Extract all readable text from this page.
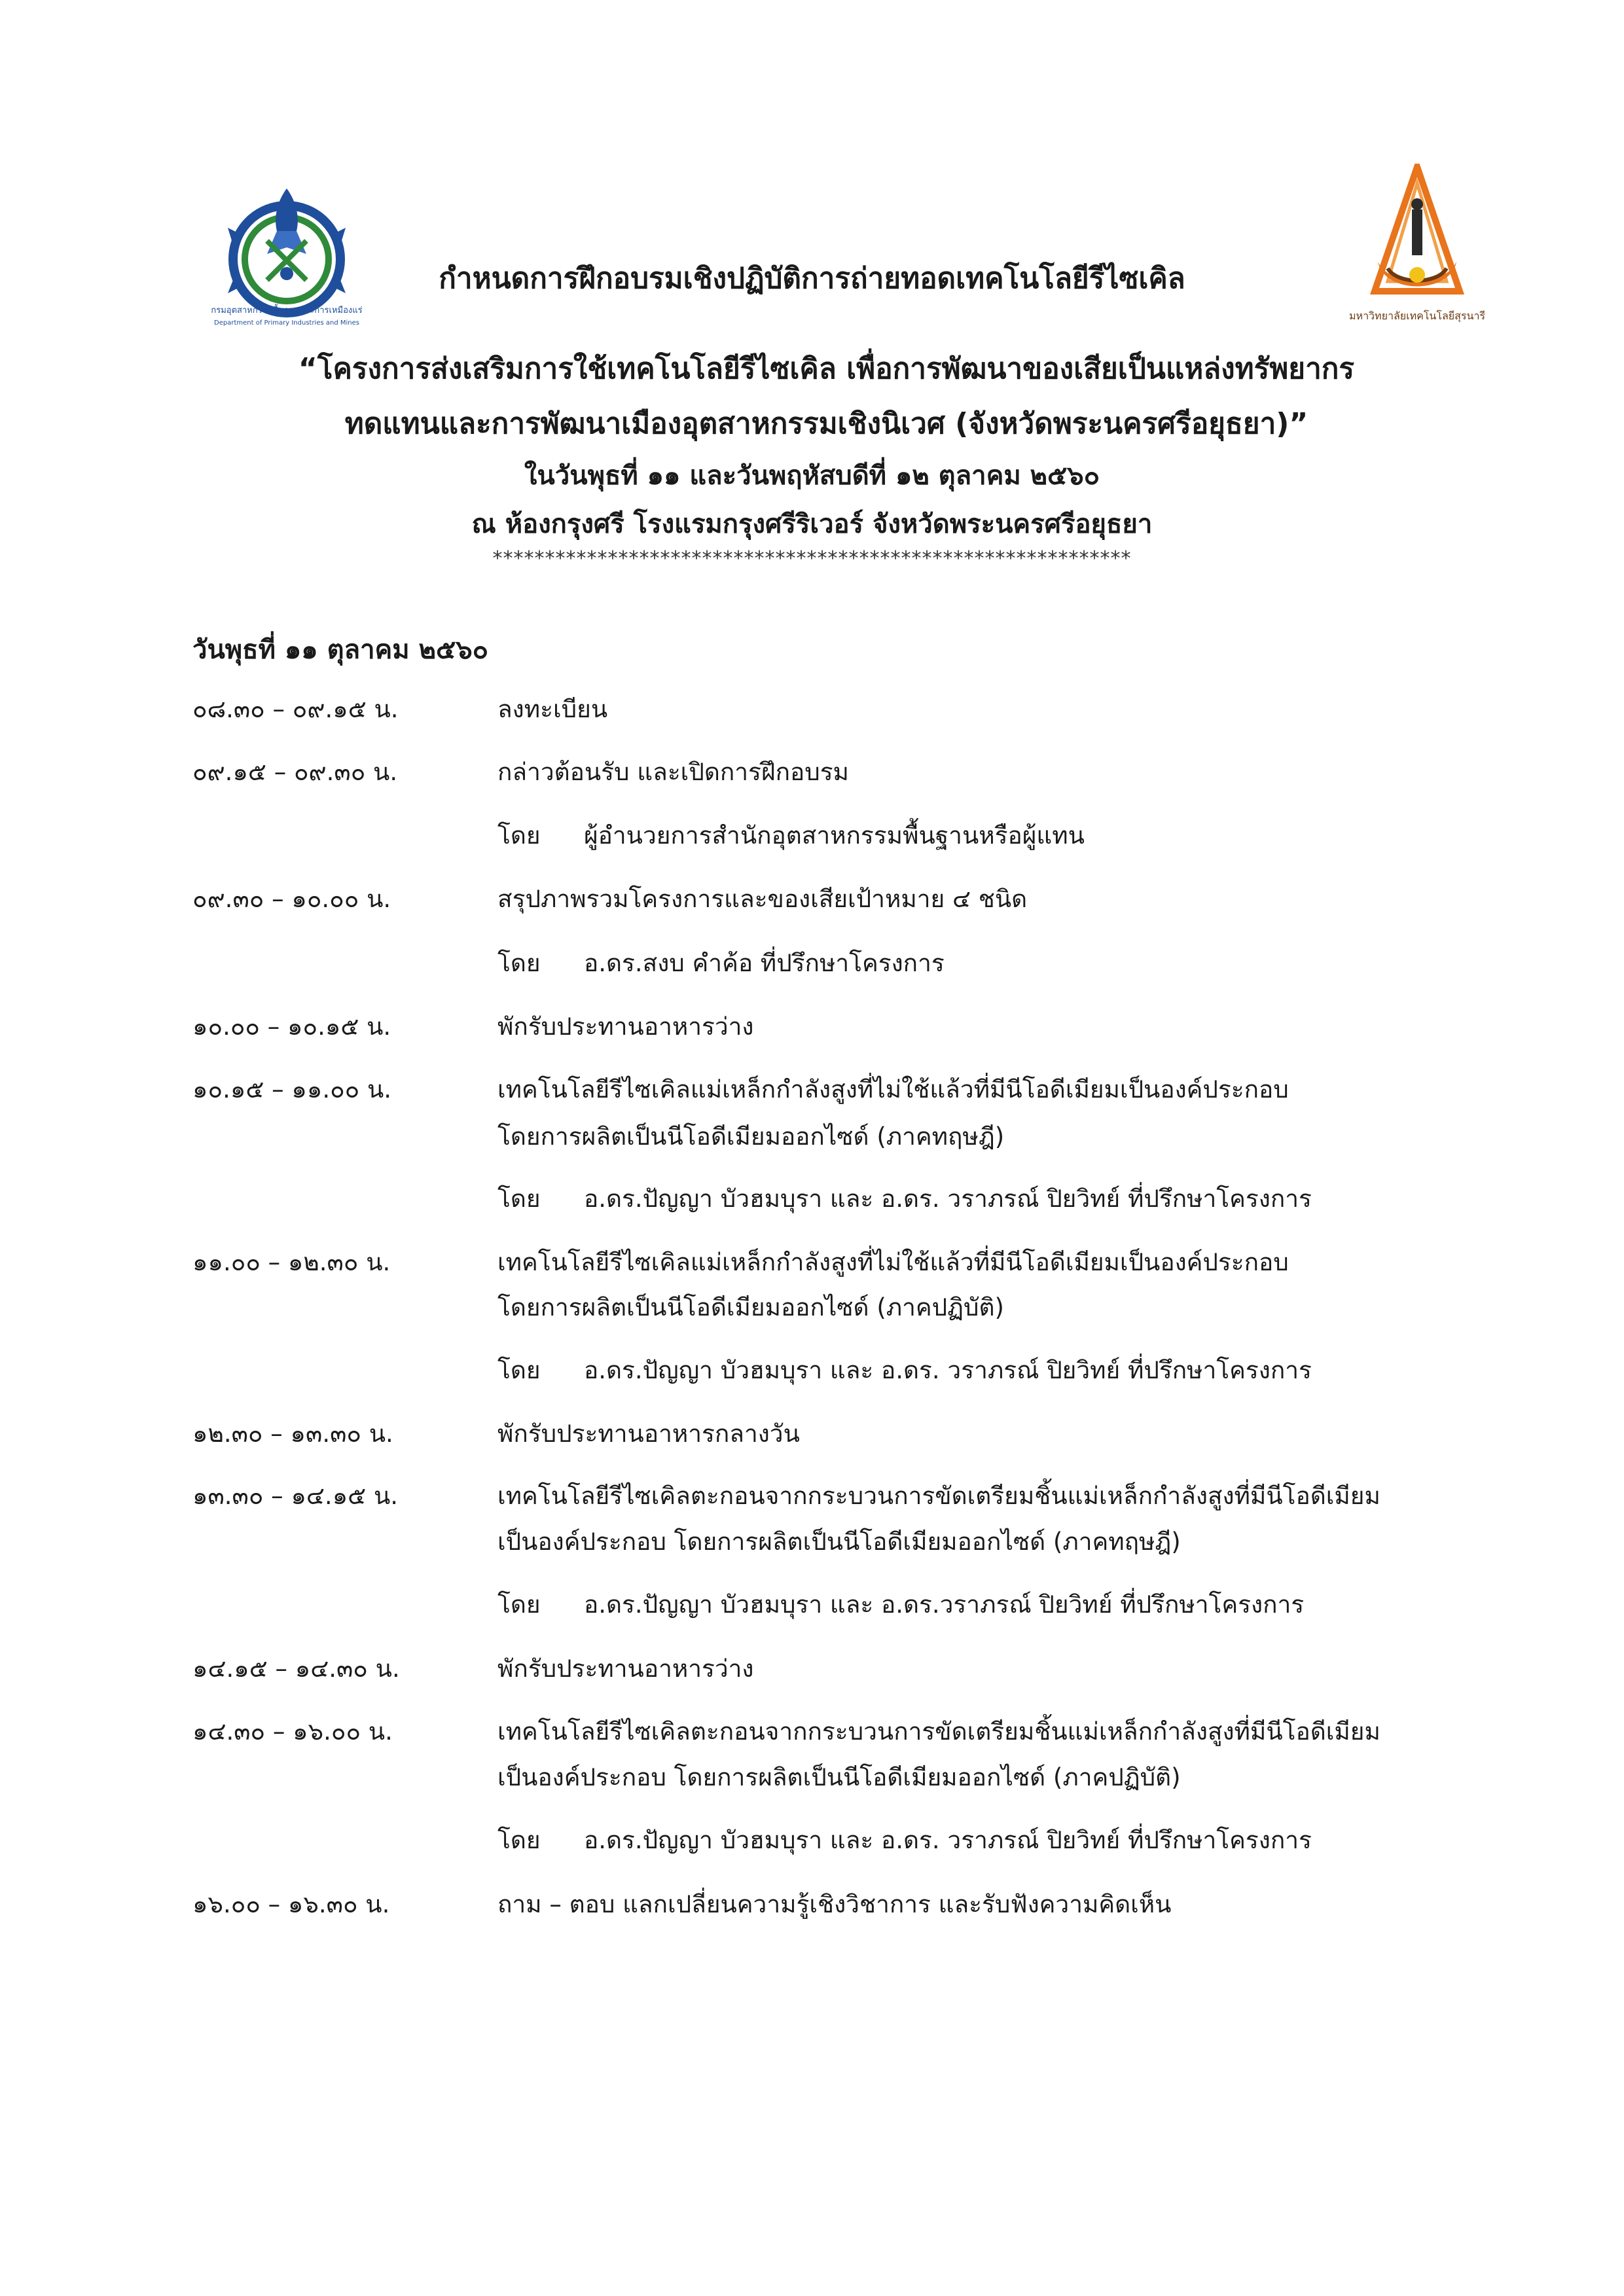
กรมอุตสาหกรรมพื้นฐานและการเหมืองแร่
Department of Primary Industries and Mines
มหาวิทยาลัยเทคโนโลยีสุรนารี
กำหนดการฝึกอบรมเชิงปฏิบัติการถ่ายทอดเทคโนโลยีรีไซเคิล
“โครงการส่งเสริมการใช้เทคโนโลยีรีไซเคิล เพื่อการพัฒนาของเสียเป็นแหล่งทรัพยากร
ทดแทนและการพัฒนาเมืองอุตสาหกรรมเชิงนิเวศ (จังหวัดพระนครศรีอยุธยา)”
ในวันพุธที่ ๑๑ และวันพฤหัสบดีที่ ๑๒ ตุลาคม ๒๕๖๐
ณ ห้องกรุงศรี โรงแรมกรุงศรีริเวอร์ จังหวัดพระนครศรีอยุธยา
*************************************************************
วันพุธที่ ๑๑ ตุลาคม ๒๕๖๐
๐๘.๓๐ – ๐๙.๑๕ น.	ลงทะเบียน
๐๙.๑๕ – ๐๙.๓๐ น.	กล่าวต้อนรับ และเปิดการฝึกอบรม
โดย ผู้อำนวยการสำนักอุตสาหกรรมพื้นฐานหรือผู้แทน
๐๙.๓๐ – ๑๐.๐๐ น.	สรุปภาพรวมโครงการและของเสียเป้าหมาย ๔ ชนิด
โดย อ.ดร.สงบ คำค้อ ที่ปรึกษาโครงการ
๑๐.๐๐ – ๑๐.๑๕ น.	พักรับประทานอาหารว่าง
๑๐.๑๕ – ๑๑.๐๐ น.	เทคโนโลยีรีไซเคิลแม่เหล็กกำลังสูงที่ไม่ใช้แล้วที่มีนีโอดีเมียมเป็นองค์ประกอบ
โดยการผลิตเป็นนีโอดีเมียมออกไซด์ (ภาคทฤษฎี)
โดย อ.ดร.ปัญญา บัวฮมบุรา และ อ.ดร. วราภรณ์ ปิยวิทย์ ที่ปรึกษาโครงการ
๑๑.๐๐ – ๑๒.๓๐ น.	เทคโนโลยีรีไซเคิลแม่เหล็กกำลังสูงที่ไม่ใช้แล้วที่มีนีโอดีเมียมเป็นองค์ประกอบ
โดยการผลิตเป็นนีโอดีเมียมออกไซด์ (ภาคปฏิบัติ)
โดย อ.ดร.ปัญญา บัวฮมบุรา และ อ.ดร. วราภรณ์ ปิยวิทย์ ที่ปรึกษาโครงการ
๑๒.๓๐ – ๑๓.๓๐ น.	พักรับประทานอาหารกลางวัน
๑๓.๓๐ – ๑๔.๑๕ น.	เทคโนโลยีรีไซเคิลตะกอนจากกระบวนการขัดเตรียมชิ้นแม่เหล็กกำลังสูงที่มีนีโอดีเมียม
เป็นองค์ประกอบ โดยการผลิตเป็นนีโอดีเมียมออกไซด์ (ภาคทฤษฎี)
โดย อ.ดร.ปัญญา บัวฮมบุรา และ อ.ดร.วราภรณ์ ปิยวิทย์ ที่ปรึกษาโครงการ
๑๔.๑๕ – ๑๔.๓๐ น.	พักรับประทานอาหารว่าง
๑๔.๓๐ – ๑๖.๐๐ น.	เทคโนโลยีรีไซเคิลตะกอนจากกระบวนการขัดเตรียมชิ้นแม่เหล็กกำลังสูงที่มีนีโอดีเมียม
เป็นองค์ประกอบ โดยการผลิตเป็นนีโอดีเมียมออกไซด์ (ภาคปฏิบัติ)
โดย อ.ดร.ปัญญา บัวฮมบุรา และ อ.ดร. วราภรณ์ ปิยวิทย์ ที่ปรึกษาโครงการ
๑๖.๐๐ – ๑๖.๓๐ น.	ถาม – ตอบ แลกเปลี่ยนความรู้เชิงวิชาการ และรับฟังความคิดเห็น
